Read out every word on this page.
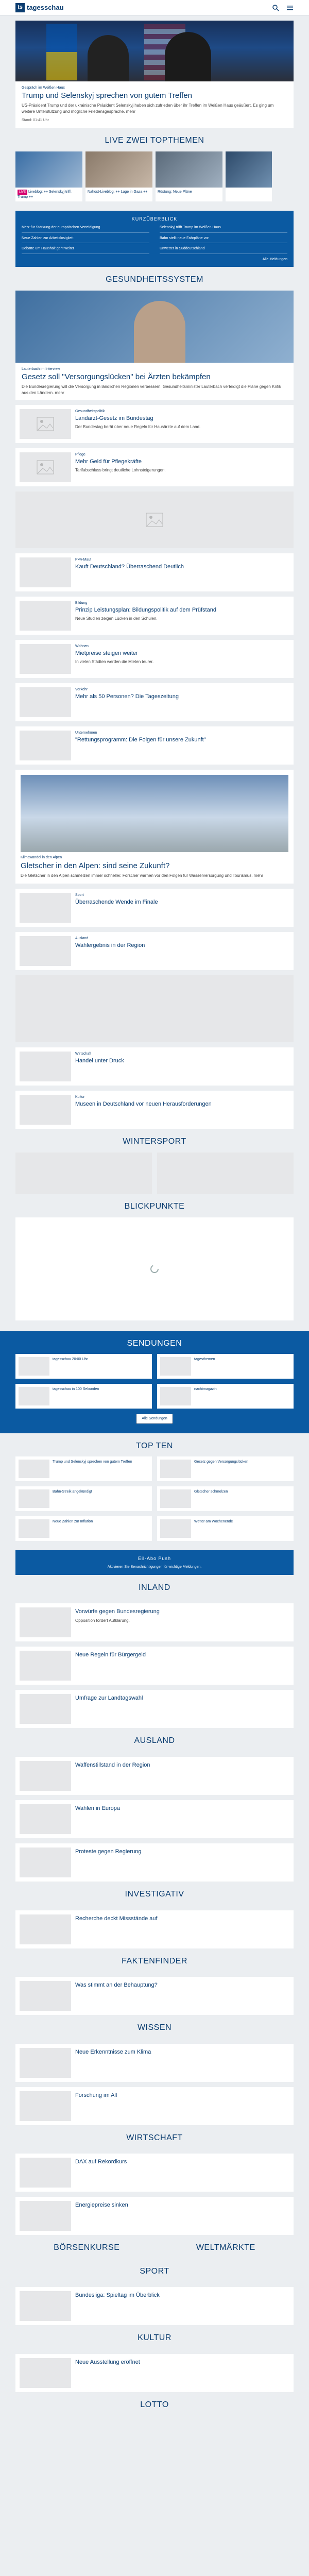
ts tagesschau
Gespräch im Weißen Haus
Trump und Selenskyj sprechen von gutem Treffen
US-Präsident Trump und der ukrainische Präsident Selenskyj haben sich zufrieden über ihr Treffen im Weißen Haus geäußert. Es ging um weitere Unterstützung und mögliche Friedensgespräche. mehr
Stand: 01:41 Uhr
LIVE ZWEI TOPTHEMEN
LIVE Liveblog: ++ Selenskyj trifft Trump ++
Nahost-Liveblog: ++ Lage in Gaza ++	Rüstung: Neue Pläne
KURZÜBERBLICK
Merz für Stärkung der europäischen Verteidigung	Selenskyj trifft Trump im Weißen Haus
Neue Zahlen zur Arbeitslosigkeit	Bahn stellt neue Fahrpläne vor
Debatte um Haushalt geht weiter	Unwetter in Süddeutschland
Alle Meldungen
GESUNDHEITSSYSTEM
Lauterbach im Interview
Gesetz soll "Versorgungslücken" bei Ärzten bekämpfen
Die Bundesregierung will die Versorgung in ländlichen Regionen verbessern. Gesundheitsminister Lauterbach verteidigt die Pläne gegen Kritik aus den Ländern. mehr
Gesundheitspolitik
Landarzt-Gesetz im Bundestag
Der Bundestag berät über neue Regeln für Hausärzte auf dem Land.
Pflege
Mehr Geld für Pflegekräfte
Tarifabschluss bringt deutliche Lohnsteigerungen.
Pkw-Maut
Kauft Deutschland? Überraschend Deutlich
Bildung
Prinzip Leistungsplan: Bildungspolitik auf dem Prüfstand
Neue Studien zeigen Lücken in den Schulen.
Wohnen
Mietpreise steigen weiter
In vielen Städten werden die Mieten teurer.
Verkehr
Mehr als 50 Personen? Die Tageszeitung
Unternehmen
"Rettungsprogramm: Die Folgen für unsere Zukunft"
Klimawandel in den Alpen
Gletscher in den Alpen: sind seine Zukunft?
Die Gletscher in den Alpen schmelzen immer schneller. Forscher warnen vor den Folgen für Wasserversorgung und Tourismus. mehr
Sport
Überraschende Wende im Finale
Ausland
Wahlergebnis in der Region
Wirtschaft
Handel unter Druck
Kultur
Museen in Deutschland vor neuen Herausforderungen
WINTERSPORT
BLICKPUNKTE
SENDUNGEN
tagesschau 20:00 Uhr	tagesthemen
tagesschau in 100 Sekunden	nachtmagazin
Alle Sendungen
TOP TEN
Trump und Selenskyj sprechen von gutem Treffen	Gesetz gegen Versorgungslücken
Bahn-Streik angekündigt	Gletscher schmelzen
Neue Zahlen zur Inflation	Wetter am Wochenende
Eil-Abo Push
Aktivieren Sie Benachrichtigungen für wichtige Meldungen.
INLAND
Vorwürfe gegen Bundesregierung
Opposition fordert Aufklärung.
Neue Regeln für Bürgergeld
Umfrage zur Landtagswahl
AUSLAND
Waffenstillstand in der Region
Wahlen in Europa
Proteste gegen Regierung
INVESTIGATIV
Recherche deckt Missstände auf
FAKTENFINDER
Was stimmt an der Behauptung?
WISSEN
Neue Erkenntnisse zum Klima
Forschung im All
WIRTSCHAFT
DAX auf Rekordkurs
Energiepreise sinken
BÖRSENKURSE	WELTMÄRKTE
SPORT
Bundesliga: Spieltag im Überblick
KULTUR
Neue Ausstellung eröffnet
LOTTO
